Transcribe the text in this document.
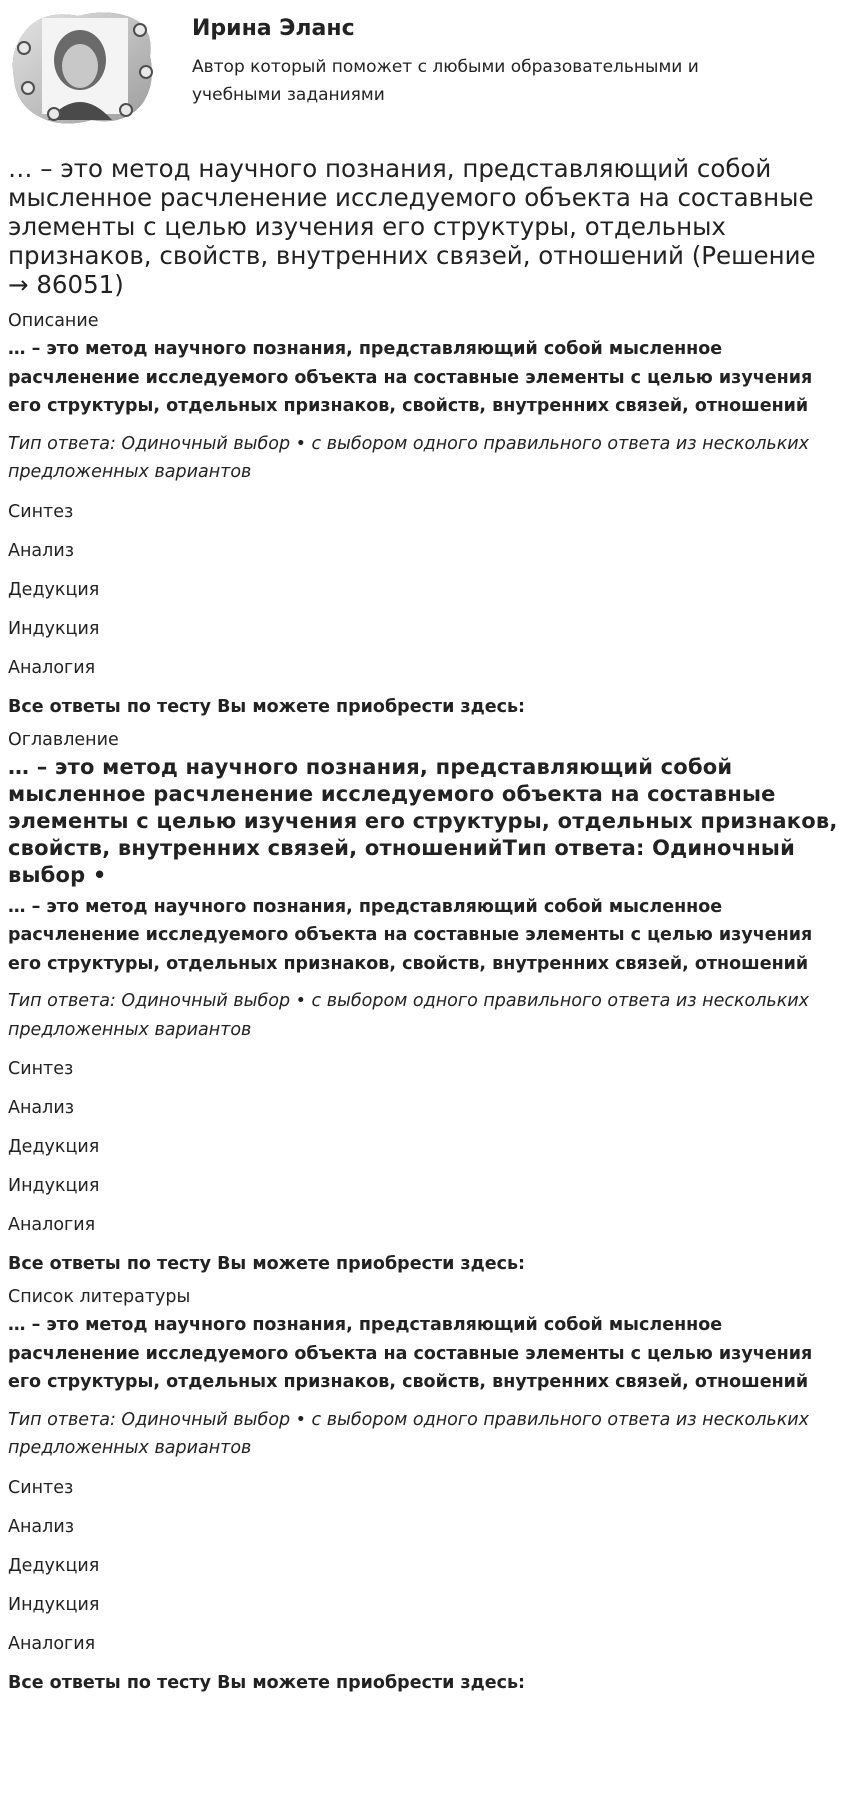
Ирина Эланс
Автор который поможет с любыми образовательными и учебными заданиями
… – это метод научного познания, представляющий собой мысленное расчленение исследуемого объекта на составные элементы с целью изучения его структуры, отдельных признаков, свойств, внутренних связей, отношений (Решение → 86051)
Описание
… – это метод научного познания, представляющий собой мысленное расчленение исследуемого объекта на составные элементы с целью изучения его структуры, отдельных признаков, свойств, внутренних связей, отношений
Тип ответа: Одиночный выбор • с выбором одного правильного ответа из нескольких предложенных вариантов
Синтез
Анализ
Дедукция
Индукция
Аналогия
Все ответы по тесту Вы можете приобрести здесь:
Оглавление
… – это метод научного познания, представляющий собой мысленное расчленение исследуемого объекта на составные элементы с целью изучения его структуры, отдельных признаков, свойств, внутренних связей, отношенийТип ответа: Одиночный выбор •
… – это метод научного познания, представляющий собой мысленное расчленение исследуемого объекта на составные элементы с целью изучения его структуры, отдельных признаков, свойств, внутренних связей, отношений
Тип ответа: Одиночный выбор • с выбором одного правильного ответа из нескольких предложенных вариантов
Синтез
Анализ
Дедукция
Индукция
Аналогия
Все ответы по тесту Вы можете приобрести здесь:
Список литературы
… – это метод научного познания, представляющий собой мысленное расчленение исследуемого объекта на составные элементы с целью изучения его структуры, отдельных признаков, свойств, внутренних связей, отношений
Тип ответа: Одиночный выбор • с выбором одного правильного ответа из нескольких предложенных вариантов
Синтез
Анализ
Дедукция
Индукция
Аналогия
Все ответы по тесту Вы можете приобрести здесь:
